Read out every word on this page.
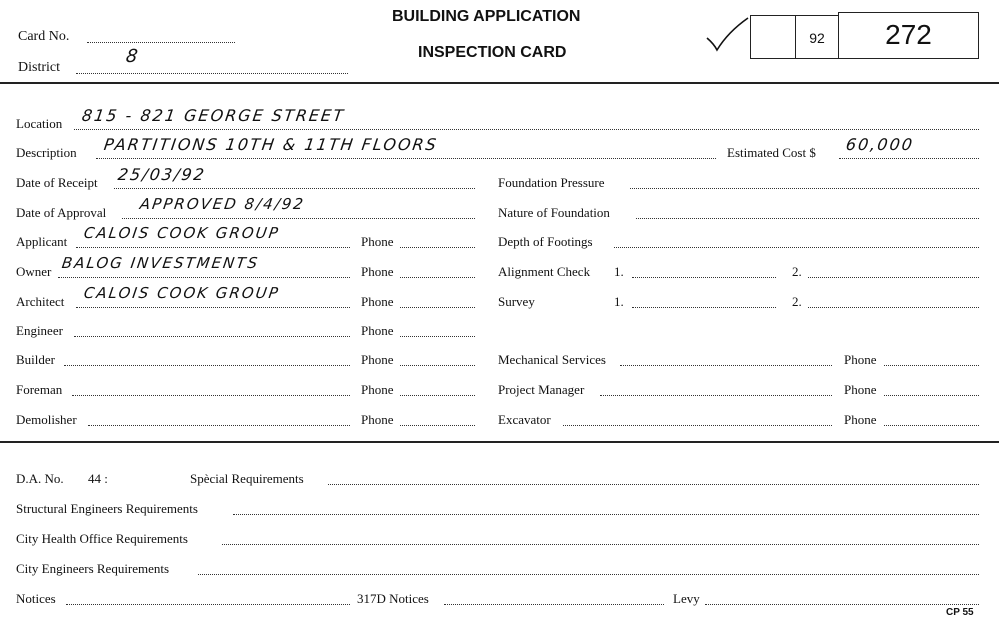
Card No.
District
8
BUILDING APPLICATION
INSPECTION CARD
92	272
Location 815 - 821 GEORGE STREET
Description PARTITIONS 10TH & 11TH FLOORS	Estimated Cost $ 60,000
Date of Receipt 25/03/92
Date of Approval APPROVED 8/4/92
Applicant CALOIS COOK GROUP	Phone
Owner BALOG INVESTMENTS	Phone
Architect CALOIS COOK GROUP	Phone
Engineer	Phone
Builder	Phone
Foreman	Phone
Demolisher	Phone
Foundation Pressure
Nature of Foundation
Depth of Footings
Alignment Check 1.	2.
Survey	1.	2.
Mechanical Services	Phone
Project Manager	Phone
Excavator	Phone
D.A. No. 44 :	Spècial Requirements
Structural Engineers Requirements
City Health Office Requirements
City Engineers Requirements
Notices	317D Notices	Levy
CP 55
